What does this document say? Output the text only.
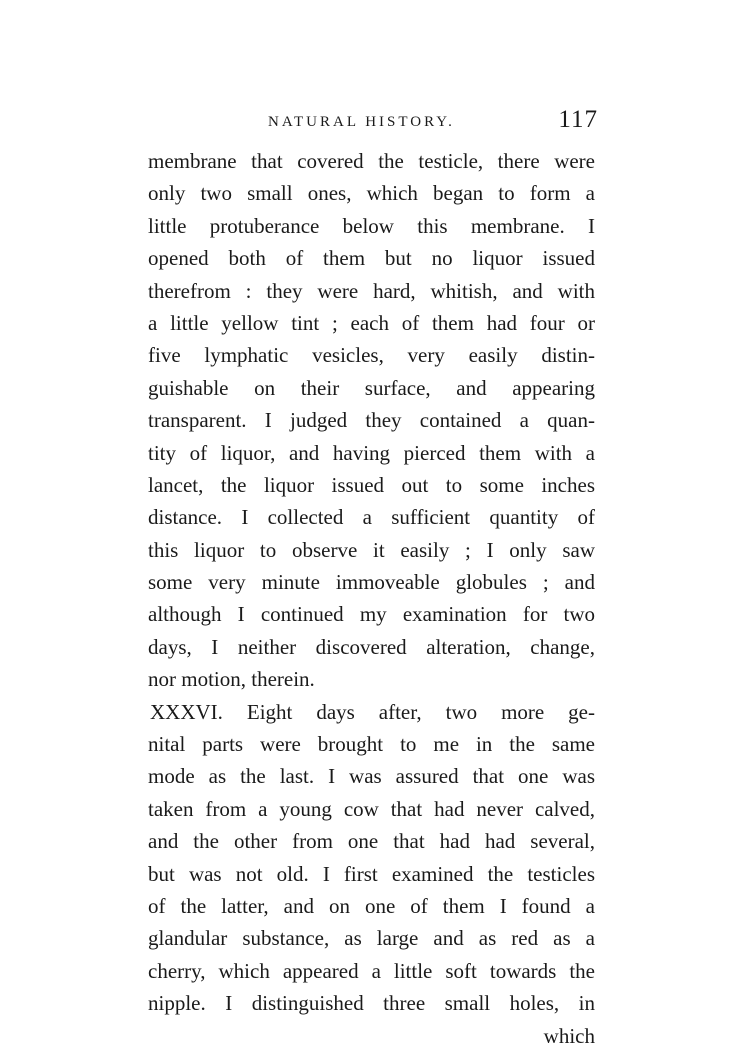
NATURAL HISTORY.	117
membrane that covered the testicle, there were
only two small ones, which began to form a
little protuberance below this membrane. I
opened both of them but no liquor issued
therefrom : they were hard, whitish, and with
a little yellow tint ; each of them had four or
five lymphatic vesicles, very easily distin-
guishable on their surface, and appearing
transparent. I judged they contained a quan-
tity of liquor, and having pierced them with a
lancet, the liquor issued out to some inches
distance. I collected a sufficient quantity of
this liquor to observe it easily ; I only saw
some very minute immoveable globules ; and
although I continued my examination for two
days, I neither discovered alteration, change,
nor motion, therein.
XXXVI. Eight days after, two more ge-
nital parts were brought to me in the same
mode as the last. I was assured that one was
taken from a young cow that had never calved,
and the other from one that had had several,
but was not old. I first examined the testicles
of the latter, and on one of them I found a
glandular substance, as large and as red as a
cherry, which appeared a little soft towards the
nipple. I distinguished three small holes, in
which
